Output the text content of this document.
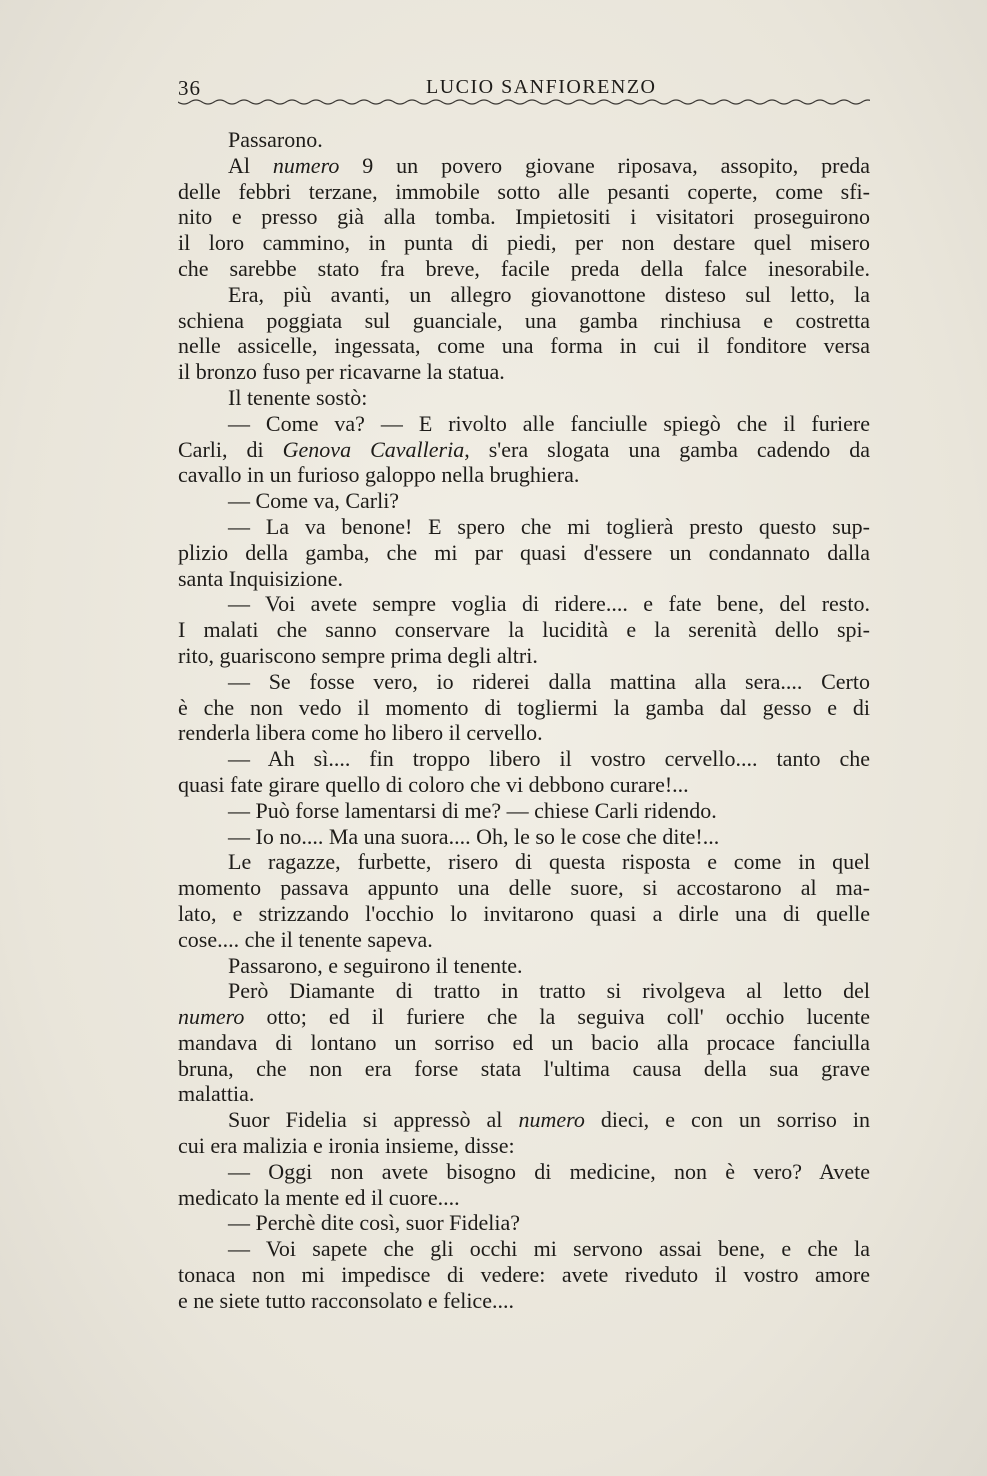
36	LUCIO SANFIORENZO
Passarono.
Al numero 9 un povero giovane riposava, assopito, preda
delle febbri terzane, immobile sotto alle pesanti coperte, come sfi-
nito e presso già alla tomba. Impietositi i visitatori proseguirono
il loro cammino, in punta di piedi, per non destare quel misero
che sarebbe stato fra breve, facile preda della falce inesorabile.
Era, più avanti, un allegro giovanottone disteso sul letto, la
schiena poggiata sul guanciale, una gamba rinchiusa e costretta
nelle assicelle, ingessata, come una forma in cui il fonditore versa
il bronzo fuso per ricavarne la statua.
Il tenente sostò:
— Come va? — E rivolto alle fanciulle spiegò che il furiere
Carli, di Genova Cavalleria, s'era slogata una gamba cadendo da
cavallo in un furioso galoppo nella brughiera.
— Come va, Carli?
— La va benone! E spero che mi toglierà presto questo sup-
plizio della gamba, che mi par quasi d'essere un condannato dalla
santa Inquisizione.
— Voi avete sempre voglia di ridere.... e fate bene, del resto.
I malati che sanno conservare la lucidità e la serenità dello spi-
rito, guariscono sempre prima degli altri.
— Se fosse vero, io riderei dalla mattina alla sera.... Certo
è che non vedo il momento di togliermi la gamba dal gesso e di
renderla libera come ho libero il cervello.
— Ah sì.... fin troppo libero il vostro cervello.... tanto che
quasi fate girare quello di coloro che vi debbono curare!...
— Può forse lamentarsi di me? — chiese Carli ridendo.
— Io no.... Ma una suora.... Oh, le so le cose che dite!...
Le ragazze, furbette, risero di questa risposta e come in quel
momento passava appunto una delle suore, si accostarono al ma-
lato, e strizzando l'occhio lo invitarono quasi a dirle una di quelle
cose.... che il tenente sapeva.
Passarono, e seguirono il tenente.
Però Diamante di tratto in tratto si rivolgeva al letto del
numero otto; ed il furiere che la seguiva coll' occhio lucente
mandava di lontano un sorriso ed un bacio alla procace fanciulla
bruna, che non era forse stata l'ultima causa della sua grave
malattia.
Suor Fidelia si appressò al numero dieci, e con un sorriso in
cui era malizia e ironia insieme, disse:
— Oggi non avete bisogno di medicine, non è vero? Avete
medicato la mente ed il cuore....
— Perchè dite così, suor Fidelia?
— Voi sapete che gli occhi mi servono assai bene, e che la
tonaca non mi impedisce di vedere: avete riveduto il vostro amore
e ne siete tutto racconsolato e felice....
